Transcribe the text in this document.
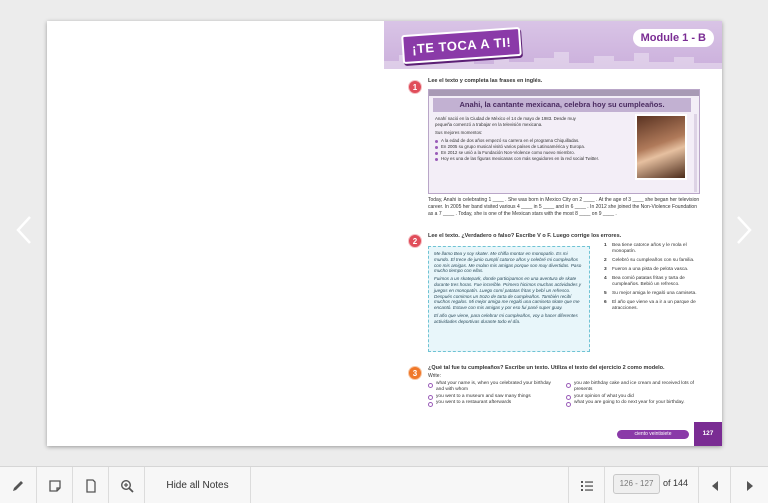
¡TE TOCA A TI!	Module 1 - B
1
Lee el texto y completa las frases en inglés.
Anahi, la cantante mexicana, celebra hoy su cumpleaños.
Anahí nació en la Ciudad de México el 14 de mayo de 1983. Desde muy
pequeña comenzó a trabajar en la televisión mexicana.
Sus mejores momentos:
A la edad de dos años empezó su carrera en el programa Chiquilladas.
En 2005 su grupo musical visitó varios países de Latinoamérica y Europa.
En 2012 se unió a la Fundación Non-Violence como nuevo miembro.
Hoy es una de las figuras mexicanas con más seguidores en la red social Twitter.
Today, Anahi is celebrating 1 ____ . She was born in Mexico City on 2 ____ . At the age of 3 ____ she began her television career. In 2005 her band visited various 4 ____ in 5 ____ and in 6 ____ . In 2012 she joined the Non-Violence Foundation as a 7 ____ . Today, she is one of the Mexican stars with the most 8 ____ on 9 ____ .
2
Lee el texto. ¿Verdadero o falso? Escribe V o F. Luego corrige los errores.

Me llamo Bea y soy skater. Me chifla montar en monopatín. Es mi mundo. El trece de junio cumplí catorce años y celebré mi cumpleaños con mis amigas. Me molan mis amigas porque son muy divertidas. Paso mucho tiempo con ellas.

Fuimos a un skatepark, donde participamos en una aventura de skate durante tres horas. Fue increíble. Primero hicimos muchas actividades y juegos en monopatín. Luego comí patatas fritas y bebí un refresco. Después comimos un trozo de tarta de cumpleaños. También recibí muchos regalos. Mi mejor amiga me regaló una camiseta skate que me encantó. Estuve con mis amigas y por eso fui pasé super guay.

El año que viene, para celebrar mi cumpleaños, voy a hacer diferentes actividades deportivas durante todo el día.

1	Bea tiene catorce años y le mola el monopatín.
2	Celebró su cumpleaños con su familia.
3	Fueron a una pista de pelota vasca.
4	Bea comió patatas fritas y tarta de cumpleaños. Bebió un refresco.
5	Su mejor amiga le regaló una camiseta.
6	El año que viene va a ir a un parque de atracciones.
3
¿Qué tal fue tu cumpleaños? Escribe un texto. Utiliza el texto del ejercicio 2 como modelo.
Write:
what your name is, when you celebrated your birthday and with whom
you went to a museum and saw many things
you went to a restaurant afterwards
you ate birthday cake and ice cream and received lots of presents
your opinion of what you did
what you are going to do next year for your birthday.
ciento veintisiete	127
Hide all Notes	126 - 127	of 144
